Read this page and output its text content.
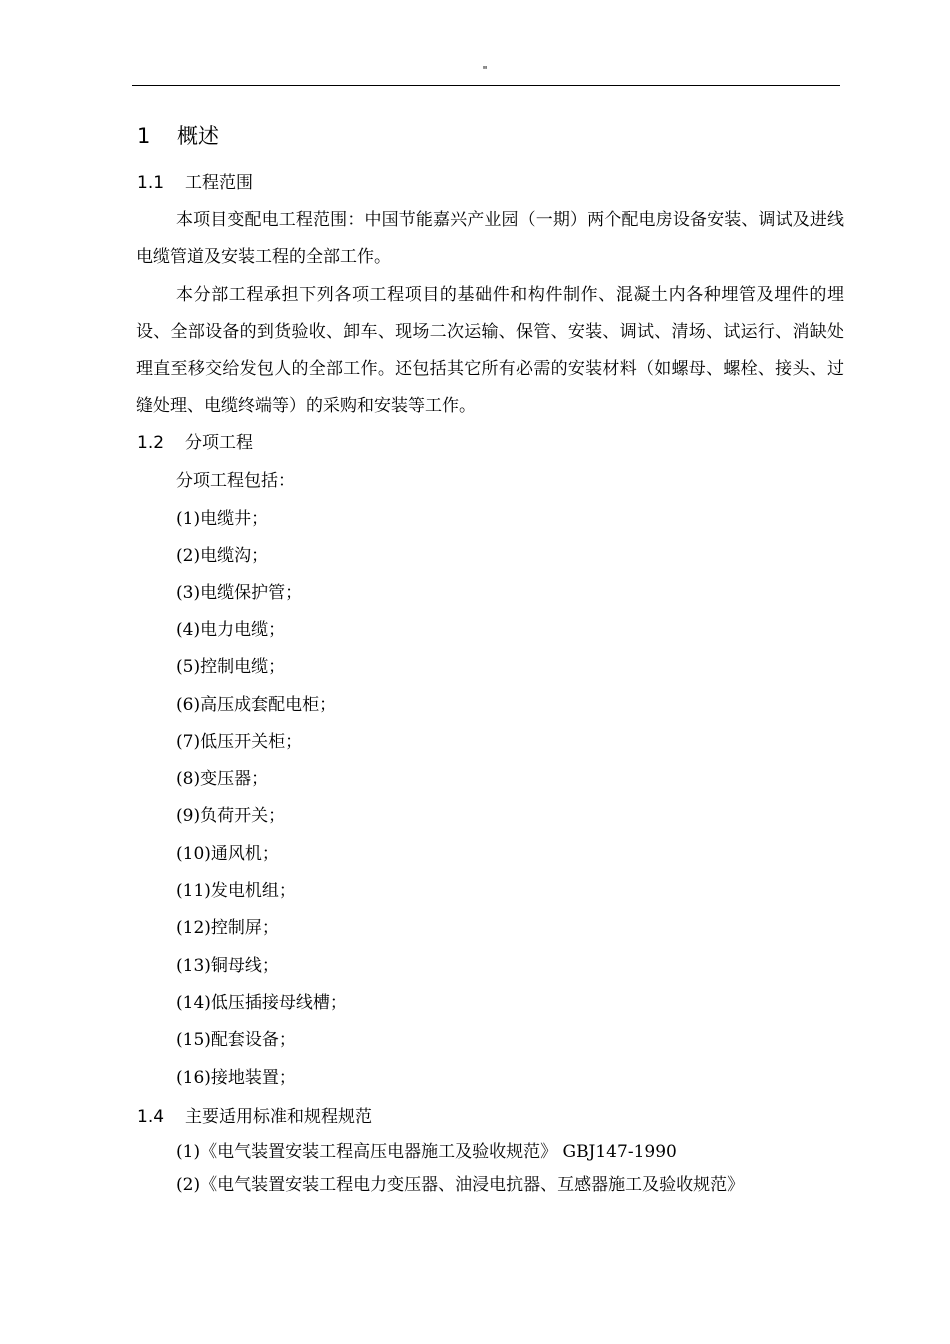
"
1 概述
1.1 工程范围

本项目变配电工程范围：中国节能嘉兴产业园（一期）两个配电房设备安装、调试及进线电缆管道及安装工程的全部工作。

本分部工程承担下列各项工程项目的基础件和构件制作、混凝土内各种埋管及埋件的埋设、全部设备的到货验收、卸车、现场二次运输、保管、安装、调试、清场、试运行、消缺处理直至移交给发包人的全部工作。还包括其它所有必需的安装材料（如螺母、螺栓、接头、过缝处理、电缆终端等）的采购和安装等工作。

1.2 分项工程
分项工程包括：
(1)电缆井；
(2)电缆沟；
(3)电缆保护管；
(4)电力电缆；
(5)控制电缆；
(6)高压成套配电柜；
(7)低压开关柜；
(8)变压器；
(9)负荷开关；
(10)通风机；
(11)发电机组；
(12)控制屏；
(13)铜母线；
(14)低压插接母线槽；
(15)配套设备；
(16)接地装置；
1.4 主要适用标准和规程规范
(1)《电气装置安装工程高压电器施工及验收规范》 GBJ147-1990
(2)《电气装置安装工程电力变压器、油浸电抗器、互感器施工及验收规范》
